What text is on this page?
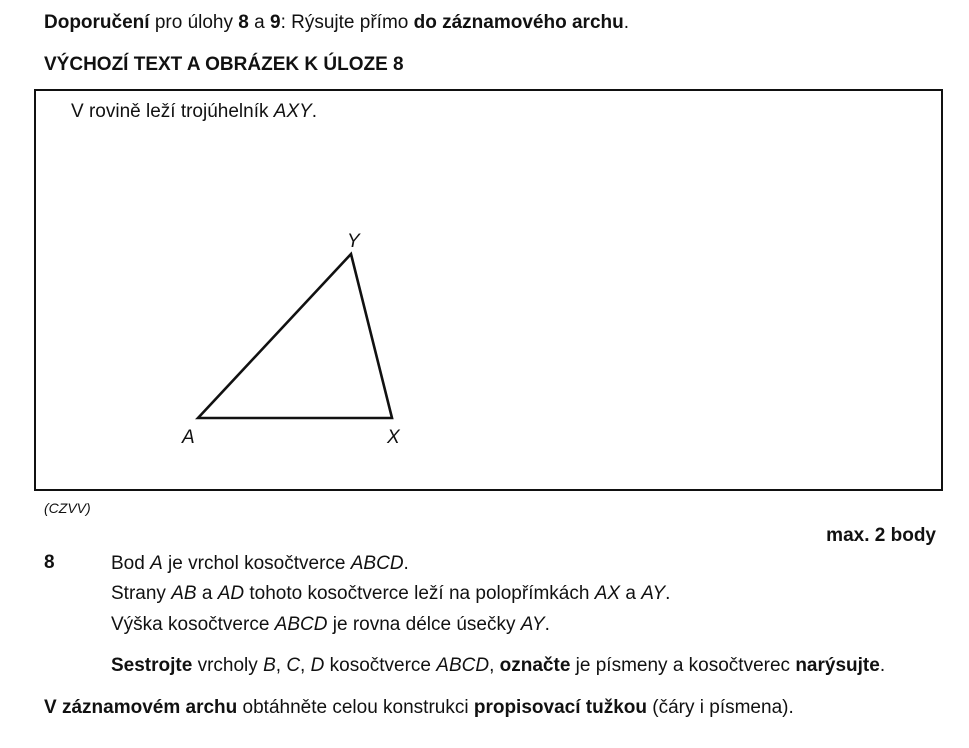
Doporučení pro úlohy 8 a 9: Rýsujte přímo do záznamového archu.
VÝCHOZÍ TEXT A OBRÁZEK K ÚLOZE 8
V rovině leží trojúhelník AXY.
Y
A	X
(CZVV)
max. 2 body
8	Bod A je vrchol kosočtverce ABCD.
Strany AB a AD tohoto kosočtverce leží na polopřímkách AX a AY.
Výška kosočtverce ABCD je rovna délce úsečky AY.
Sestrojte vrcholy B, C, D kosočtverce ABCD, označte je písmeny a kosočtverec narýsujte.
V záznamovém archu obtáhněte celou konstrukci propisovací tužkou (čáry i písmena).
